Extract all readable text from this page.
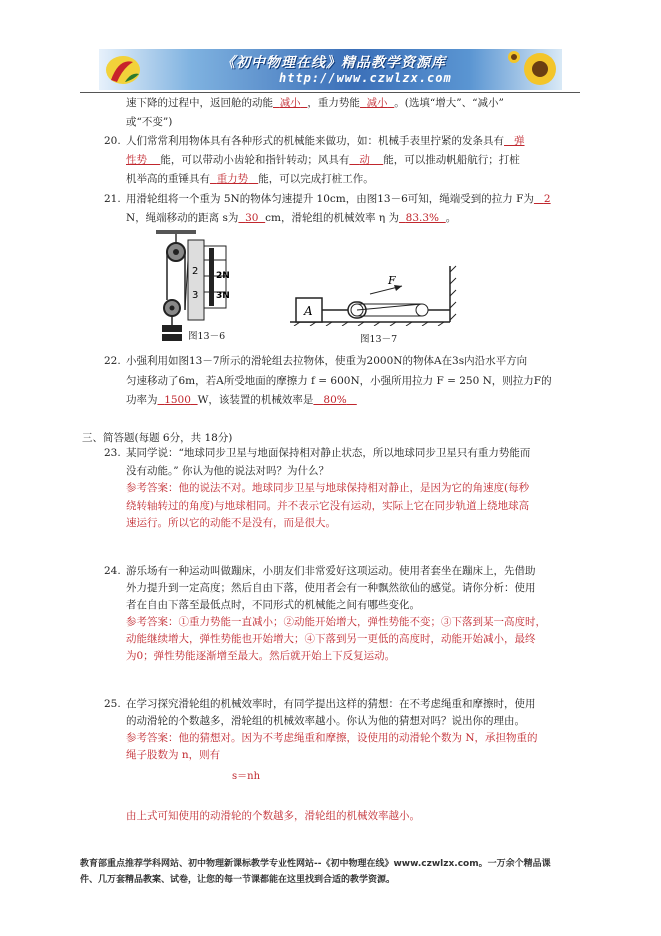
《初中物理在线》精品教学资源库
http://www.czwlzx.com
速下降的过程中，返回舱的动能 减小 ，重力势能 减小 。(选填“增大”、“减小”
或“不变”)
20. 人们常常利用物体具有各种形式的机械能来做功，如：机械手表里拧紧的发条具有 弹
性势 能，可以带动小齿轮和指针转动；风具有 动 能，可以推动帆船航行；打桩
机举高的重锤具有 重力势 能，可以完成打桩工作。
21. 用滑轮组将一个重为 5N的物体匀速提升 10cm，由图13－6可知，绳端受到的拉力 F为 2
N，绳端移动的距离 s为 30 cm，滑轮组的机械效率 η 为 83.3% 。
2
3
2N
3N
图13－6
A
F
图13－7
22. 小强利用如图13－7所示的滑轮组去拉物体，使重为2000N的物体A在3s内沿水平方向
匀速移动了6m，若A所受地面的摩擦力 f = 600N，小强所用拉力 F = 250 N，则拉力F的
功率为 1500 W，该装置的机械效率是 80%
三、简答题(每题 6分，共 18分)
23. 某同学说：“地球同步卫星与地面保持相对静止状态，所以地球同步卫星只有重力势能而
没有动能。” 你认为他的说法对吗？为什么？
参考答案：他的说法不对。地球同步卫星与地球保持相对静止，是因为它的角速度(每秒
绕转轴转过的角度)与地球相同。并不表示它没有运动，实际上它在同步轨道上绕地球高
速运行。所以它的动能不是没有，而是很大。
24. 游乐场有一种运动叫做蹦床，小朋友们非常爱好这项运动。使用者套坐在蹦床上，先借助
外力提升到一定高度；然后自由下落，使用者会有一种飘然欲仙的感觉。请你分析：使用
者在自由下落至最低点时，不同形式的机械能之间有哪些变化。
参考答案：①重力势能一直减小；②动能开始增大，弹性势能不变；③下落到某一高度时，
动能继续增大，弹性势能也开始增大；④下落到另一更低的高度时，动能开始减小，最终
为0；弹性势能逐渐增至最大。然后就开始上下反复运动。
25. 在学习探究滑轮组的机械效率时，有同学提出这样的猜想：在不考虑绳重和摩擦时，使用
的动滑轮的个数越多，滑轮组的机械效率越小。你认为他的猜想对吗？说出你的理由。
参考答案：他的猜想对。因为不考虑绳重和摩擦，设使用的动滑轮个数为 N，承担物重的
绳子股数为 n，则有
s＝nh
由上式可知使用的动滑轮的个数越多，滑轮组的机械效率越小。
教育部重点推荐学科网站、初中物理新课标教学专业性网站--《初中物理在线》www.czwlzx.com。一万余个精品课
件、几万套精品教案、试卷，让您的每一节课都能在这里找到合适的教学资源。
